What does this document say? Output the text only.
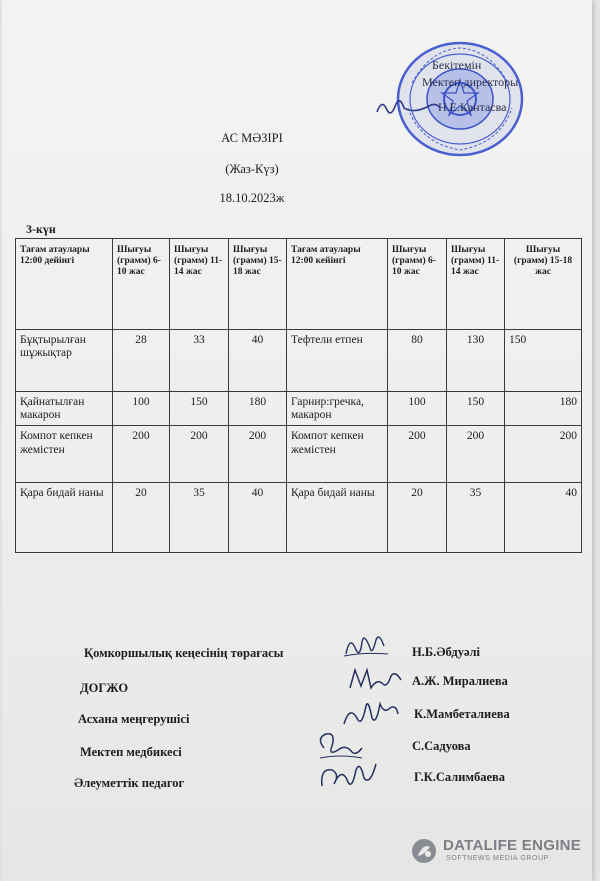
Бекітемін
Мектеп директоры
Н.Е.Кантасва
АС МӘЗІРІ
(Жаз-Күз)
18.10.2023ж
3-күн
Тағам атаулары 12:00 дейінгі	Шығуы (грамм) 6-10 жас	Шығуы (грамм) 11-14 жас	Шығуы (грамм) 15-18 жас	Тағам атаулары 12:00 кейінгі	Шығуы (грамм) 6-10 жас	Шығуы (грамм) 11-14 жас	Шығуы (грамм) 15-18 жас
Бұқтырылған шұжықтар	28	33	40	Тефтели етпен	80	130	150
Қайнатылған макарон	100	150	180	Гарнир:гречка, макарон	100	150	180
Компот кепкен жемістен	200	200	200	Компот кепкен жемістен	200	200	200
Қара бидай наны	20	35	40	Қара бидай наны	20	35	40
Қомкоршылық кеңесінің төрағасы	Н.Б.Әбдуәлі
ДОГЖО	А.Ж. Миралиева
Асхана меңгерушісі	К.Мамбеталиева
Мектеп медбикесі	С.Садуова
Әлеуметтік педагог	Г.К.Салимбаева
DATALIFE ENGINE
SOFTNEWS MEDIA GROUP
